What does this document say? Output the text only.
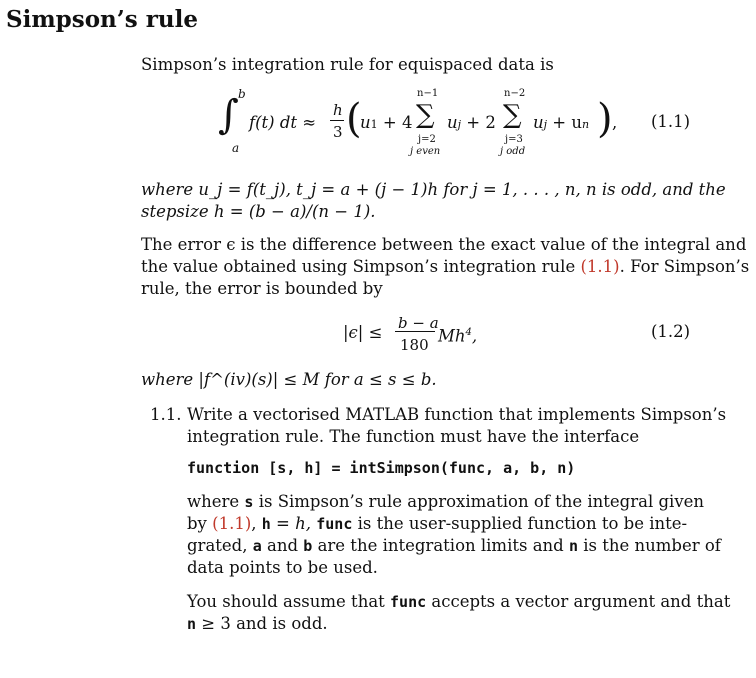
Simpson’s rule
Simpson’s integration rule for equispaced data is
∫ b
a
f(t) dt ≈
h
3 (
u1 + 4
n−1
∑
j=2
j even
uj + 2
n−2
∑
j=3
j odd
uj + un ) , (1.1)
where u_j = f(t_j), t_j = a + (j − 1)h for j = 1, . . . , n, n is odd, and the
stepsize h = (b − a)/(n − 1).
The error ϵ is the difference between the exact value of the integral and
the value obtained using Simpson’s integration rule (1.1). For Simpson’s
rule, the error is bounded by
|ϵ| ≤ b − a
180 Mh$^4$,	(1.2)
where |f^(iv)(s)| ≤ M for a ≤ s ≤ b.
1.1. Write a vectorised MATLAB function that implements Simpson’s
integration rule. The function must have the interface
function [s, h] = intSimpson(func, a, b, n)
where s is Simpson’s rule approximation of the integral given
by (1.1), h = h, func is the user-supplied function to be inte-
grated, a and b are the integration limits and n is the number of
data points to be used.
You should assume that func accepts a vector argument and that
n ≥ 3 and is odd.
